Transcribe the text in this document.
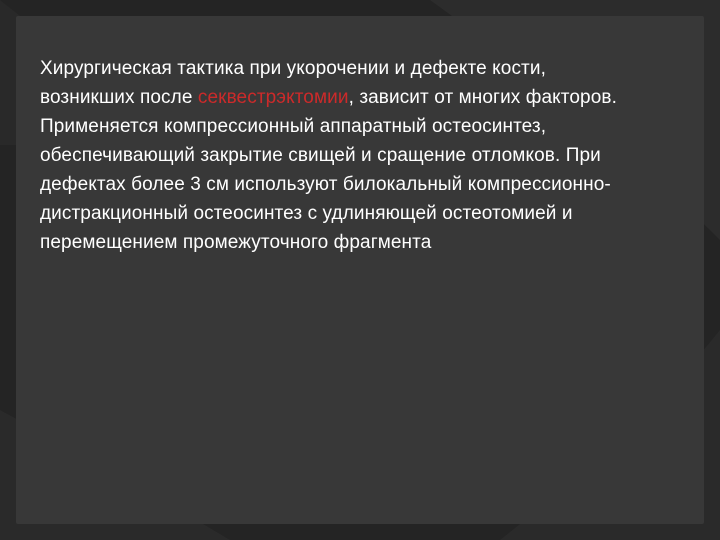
Хирургическая тактика при укорочении и дефекте кости, возникших после секвестрэктомии, зависит от многих факторов. Применяется компрессионный аппаратный остеосинтез, обеспечивающий закрытие свищей и сращение отломков. При дефектах более 3 см используют билокальный компрессионно-дистракционный остеосинтез с удлиняющей остеотомией и перемещением промежуточного фрагмента
